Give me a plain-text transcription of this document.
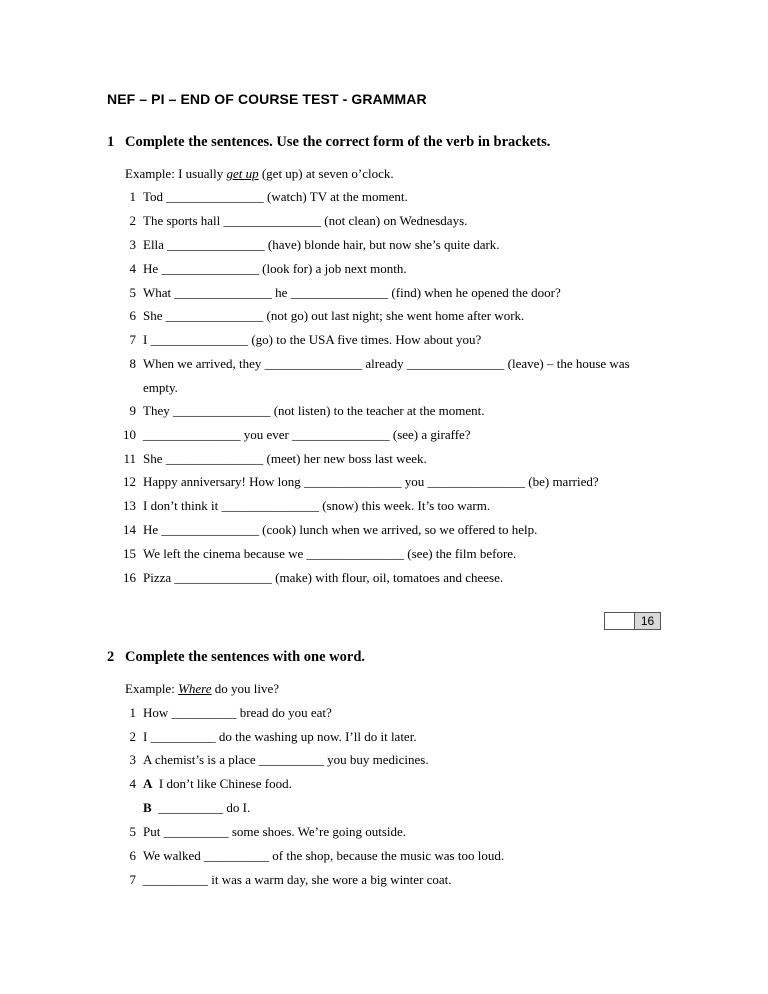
NEF – PI – END OF COURSE TEST - GRAMMAR
1 Complete the sentences. Use the correct form of the verb in brackets.
Example: I usually get up (get up) at seven o’clock.
1 Tod _______________ (watch) TV at the moment.
2 The sports hall _______________ (not clean) on Wednesdays.
3 Ella _______________ (have) blonde hair, but now she’s quite dark.
4 He _______________ (look for) a job next month.
5 What _______________ he _______________ (find) when he opened the door?
6 She _______________ (not go) out last night; she went home after work.
7 I _______________ (go) to the USA five times. How about you?
8 When we arrived, they _______________ already _______________ (leave) – the house was
empty.
9 They _______________ (not listen) to the teacher at the moment.
10 _______________ you ever _______________ (see) a giraffe?
11 She _______________ (meet) her new boss last week.
12 Happy anniversary! How long _______________ you _______________ (be) married?
13 I don’t think it _______________ (snow) this week. It’s too warm.
14 He _______________ (cook) lunch when we arrived, so we offered to help.
15 We left the cinema because we _______________ (see) the film before.
16 Pizza _______________ (make) with flour, oil, tomatoes and cheese.
16
2 Complete the sentences with one word.
Example: Where do you live?
1 How __________ bread do you eat?
2 I __________ do the washing up now. I’ll do it later.
3 A chemist’s is a place __________ you buy medicines.
4 A I don’t like Chinese food.
B __________ do I.
5 Put __________ some shoes. We’re going outside.
6 We walked __________ of the shop, because the music was too loud.
7 __________ it was a warm day, she wore a big winter coat.
